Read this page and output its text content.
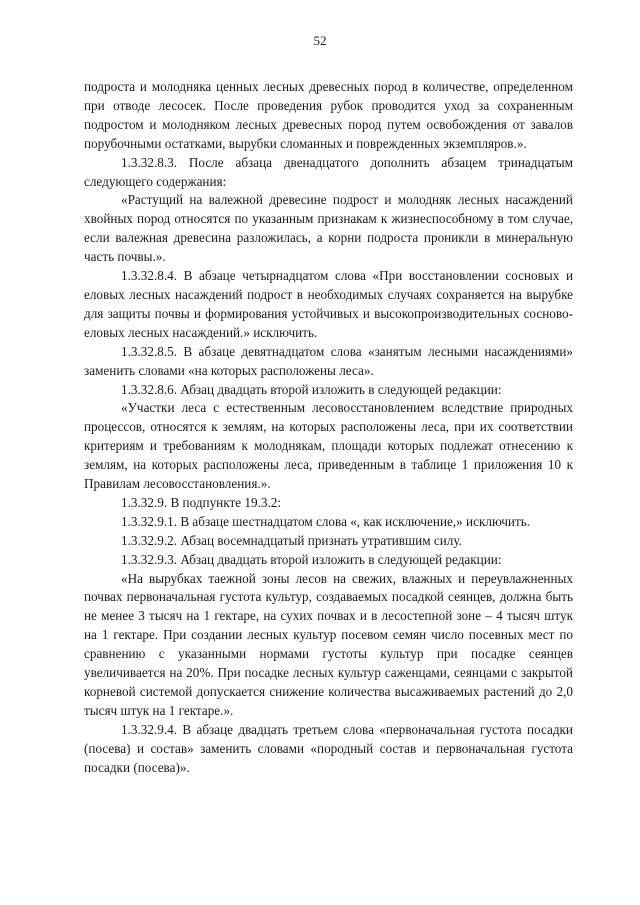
52

подроста и молодняка ценных лесных древесных пород в количестве, определенном при отводе лесосек. После проведения рубок проводится уход за сохраненным подростом и молодняком лесных древесных пород путем освобождения от завалов порубочными остатками, вырубки сломанных и поврежденных экземпляров.».

1.3.32.8.3. После абзаца двенадцатого дополнить абзацем тринадцатым следующего содержания:

«Растущий на валежной древесине подрост и молодняк лесных насаждений хвойных пород относятся по указанным признакам к жизнеспособному в том случае, если валежная древесина разложилась, а корни подроста проникли в минеральную часть почвы.».

1.3.32.8.4. В абзаце четырнадцатом слова «При восстановлении сосновых и еловых лесных насаждений подрост в необходимых случаях сохраняется на вырубке для защиты почвы и формирования устойчивых и высокопроизводительных сосново-еловых лесных насаждений.» исключить.

1.3.32.8.5. В абзаце девятнадцатом слова «занятым лесными насаждениями» заменить словами «на которых расположены леса».

1.3.32.8.6. Абзац двадцать второй изложить в следующей редакции:

«Участки леса с естественным лесовосстановлением вследствие природных процессов, относятся к землям, на которых расположены леса, при их соответствии критериям и требованиям к молоднякам, площади которых подлежат отнесению к землям, на которых расположены леса, приведенным в таблице 1 приложения 10 к Правилам лесовосстановления.».

1.3.32.9. В подпункте 19.3.2:

1.3.32.9.1. В абзаце шестнадцатом слова «, как исключение,» исключить.

1.3.32.9.2. Абзац восемнадцатый признать утратившим силу.

1.3.32.9.3. Абзац двадцать второй изложить в следующей редакции:

«На вырубках таежной зоны лесов на свежих, влажных и переувлажненных почвах первоначальная густота культур, создаваемых посадкой сеянцев, должна быть не менее 3 тысяч на 1 гектаре, на сухих почвах и в лесостепной зоне – 4 тысяч штук на 1 гектаре. При создании лесных культур посевом семян число посевных мест по сравнению с указанными нормами густоты культур при посадке сеянцев увеличивается на 20%. При посадке лесных культур саженцами, сеянцами с закрытой корневой системой допускается снижение количества высаживаемых растений до 2,0 тысяч штук на 1 гектаре.».

1.3.32.9.4. В абзаце двадцать третьем слова «первоначальная густота посадки (посева) и состав» заменить словами «породный состав и первоначальная густота посадки (посева)».
